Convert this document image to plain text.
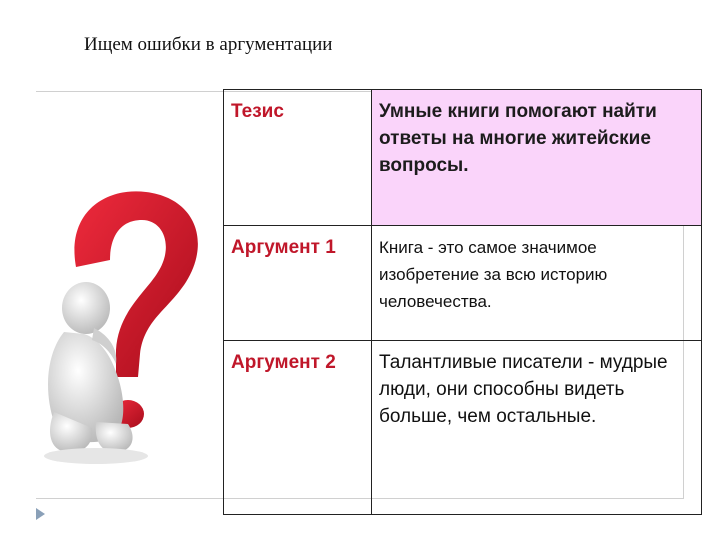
Ищем ошибки в аргументации
Тезис	Умные книги помогают найти ответы на многие житейские вопросы.
Аргумент 1	Книга - это самое значимое изобретение за всю историю человечества.
Аргумент 2	Талантливые писатели - мудрые люди, они способны видеть больше, чем остальные.
